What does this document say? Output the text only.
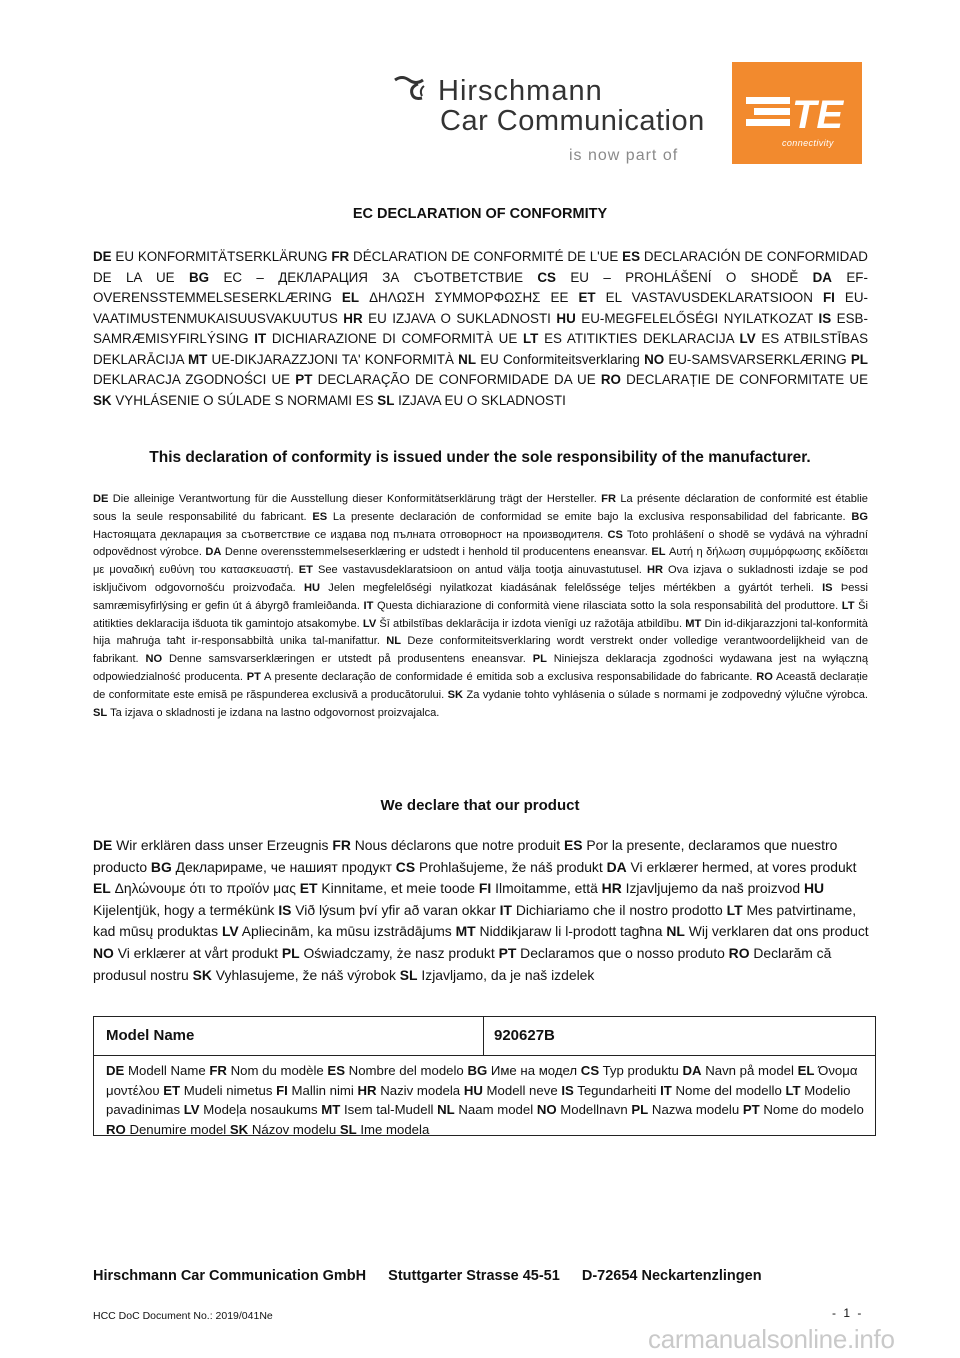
Hirschmann
Car Communication
is now part of
TE
connectivity
EC DECLARATION OF CONFORMITY
DE EU KONFORMITÄTSERKLÄRUNG FR DÉCLARATION DE CONFORMITÉ DE L'UE ES DECLARACIÓN DE CONFORMIDAD DE LA UE BG EC – ДЕКЛАРАЦИЯ ЗА СЪОТВЕТСТВИЕ CS EU – PROHLÁŠENÍ O SHODĚ DA EF-OVERENSSTEMMELSESERKLÆRING EL ΔΗΛΩΣΗ ΣΥΜΜΟΡΦΩΣΗΣ ΕΕ ET EL VASTAVUSDEKLARATSIOON FI EU-VAATIMUSTENMUKAISUUSVAKUUTUS HR EU IZJAVA O SUKLADNOSTI HU EU-MEGFELELŐSÉGI NYILATKOZAT IS ESB-SAMRÆMISYFIRLÝSING IT DICHIARAZIONE DI COMFORMITÀ UE LT ES ATITIKTIES DEKLARACIJA LV ES ATBILSTĪBAS DEKLARĀCIJA MT UE-DIKJARAZZJONI TA' KONFORMITÀ NL EU Conformiteitsverklaring NO EU-SAMSVARSERKLÆRING PL DEKLARACJA ZGODNOŚCI UE PT DECLARAÇÃO DE CONFORMIDADE DA UE RO DECLARAȚIE DE CONFORMITATE UE SK VYHLÁSENIE O SÚLADE S NORMAMI ES SL IZJAVA EU O SKLADNOSTI
This declaration of conformity is issued under the sole responsibility of the manufacturer.
DE Die alleinige Verantwortung für die Ausstellung dieser Konformitätserklärung trägt der Hersteller. FR La présente déclaration de conformité est établie sous la seule responsabilité du fabricant. ES La presente declaración de conformidad se emite bajo la exclusiva responsabilidad del fabricante. BG Настоящата декларация за съответствие се издава под пълната отговорност на производителя. CS Toto prohlášení o shodě se vydává na výhradní odpovědnost výrobce. DA Denne overensstemmelseserklæring er udstedt i henhold til producentens eneansvar. EL Αυτή η δήλωση συμμόρφωσης εκδίδεται με μοναδική ευθύνη του κατασκευαστή. ET See vastavusdeklaratsioon on antud välja tootja ainuvastutusel. HR Ova izjava o sukladnosti izdaje se pod isključivom odgovornošću proizvođača. HU Jelen megfelelőségi nyilatkozat kiadásának felelőssége teljes mértékben a gyártót terheli. IS Þessi samræmisyfirlýsing er gefin út á ábyrgð framleiðanda. IT Questa dichiarazione di conformità viene rilasciata sotto la sola responsabilità del produttore. LT Ši atitikties deklaracija išduota tik gamintojo atsakomybe. LV Šī atbilstības deklarācija ir izdota vienīgi uz ražotāja atbildību. MT Din id-dikjarazzjoni tal-konformità hija maħruġa taħt ir-responsabbiltà unika tal-manifattur. NL Deze conformiteitsverklaring wordt verstrekt onder volledige verantwoordelijkheid van de fabrikant. NO Denne samsvarserklæringen er utstedt på produsentens eneansvar. PL Niniejsza deklaracja zgodności wydawana jest na wyłączną odpowiedzialność producenta. PT A presente declaração de conformidade é emitida sob a exclusiva responsabilidade do fabricante. RO Această declarație de conformitate este emisă pe răspunderea exclusivă a producătorului. SK Za vydanie tohto vyhlásenia o súlade s normami je zodpovedný výlučne výrobca. SL Ta izjava o skladnosti je izdana na lastno odgovornost proizvajalca.
We declare that our product
DE Wir erklären dass unser Erzeugnis FR Nous déclarons que notre produit ES Por la presente, declaramos que nuestro producto BG Декларираме, че нашият продукт CS Prohlašujeme, že náš produkt DA Vi erklærer hermed, at vores produkt EL Δηλώνουμε ότι το προϊόν μας ET Kinnitame, et meie toode FI Ilmoitamme, että HR Izjavljujemo da naš proizvod HU Kijelentjük, hogy a termékünk IS Við lýsum því yfir að varan okkar IT Dichiariamo che il nostro prodotto LT Mes patvirtiname, kad mūsų produktas LV Apliecinām, ka mūsu izstrādājums MT Niddikjaraw li l-prodott tagħna NL Wij verklaren dat ons product NO Vi erklærer at vårt produkt PL Oświadczamy, że nasz produkt PT Declaramos que o nosso produto RO Declarăm că produsul nostru SK Vyhlasujeme, že náš výrobok SL Izjavljamo, da je naš izdelek
Model Name	920627B
DE Modell Name FR Nom du modèle ES Nombre del modelo BG Име на модел CS Typ produktu DA Navn på model EL Όνομα μοντέλου ET Mudeli nimetus FI Mallin nimi HR Naziv modela HU Modell neve IS Tegundarheiti IT Nome del modello LT Modelio pavadinimas LV Modeļa nosaukums MT Isem tal-Mudell NL Naam model NO Modellnavn PL Nazwa modelu PT Nome do modelo RO Denumire model SK Názov modelu SL Ime modela
Hirschmann Car Communication GmbH Stuttgarter Strasse 45-51 D-72654 Neckartenzlingen
HCC DoC Document No.: 2019/041Ne	- 1 -
carmanualsonline.info
